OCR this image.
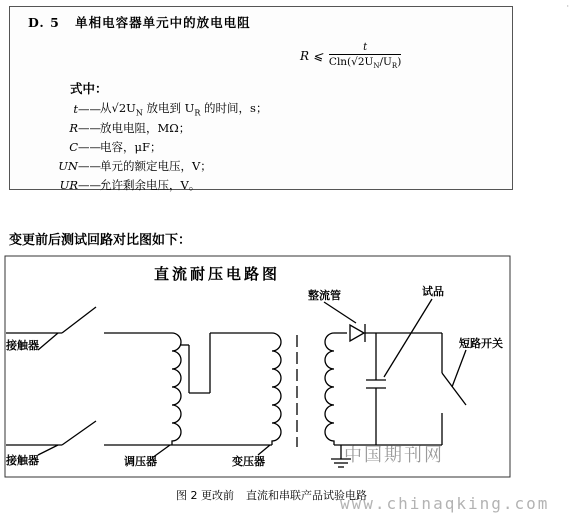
·
D. 5 单相电容器单元中的放电电阻
R ⩽ $\frac{t}{Cln(√2U_N/U_R)}$
式中：
t —— 从$√2U_N$ 放电到 $U_R$ 的时间，s；
R —— 放电电阻，MΩ；
C —— 电容，μF；
UN —— 单元的额定电压，V；
UR —— 允许剩余电压，V。
变更前后测试回路对比图如下：
直流耐压电路图
接触器
接触器	调压器	变压器
整流管	试品
短路开关
中国期刊网
图 2 更改前 直流和串联产品试验电路
www.chinaqking.com
